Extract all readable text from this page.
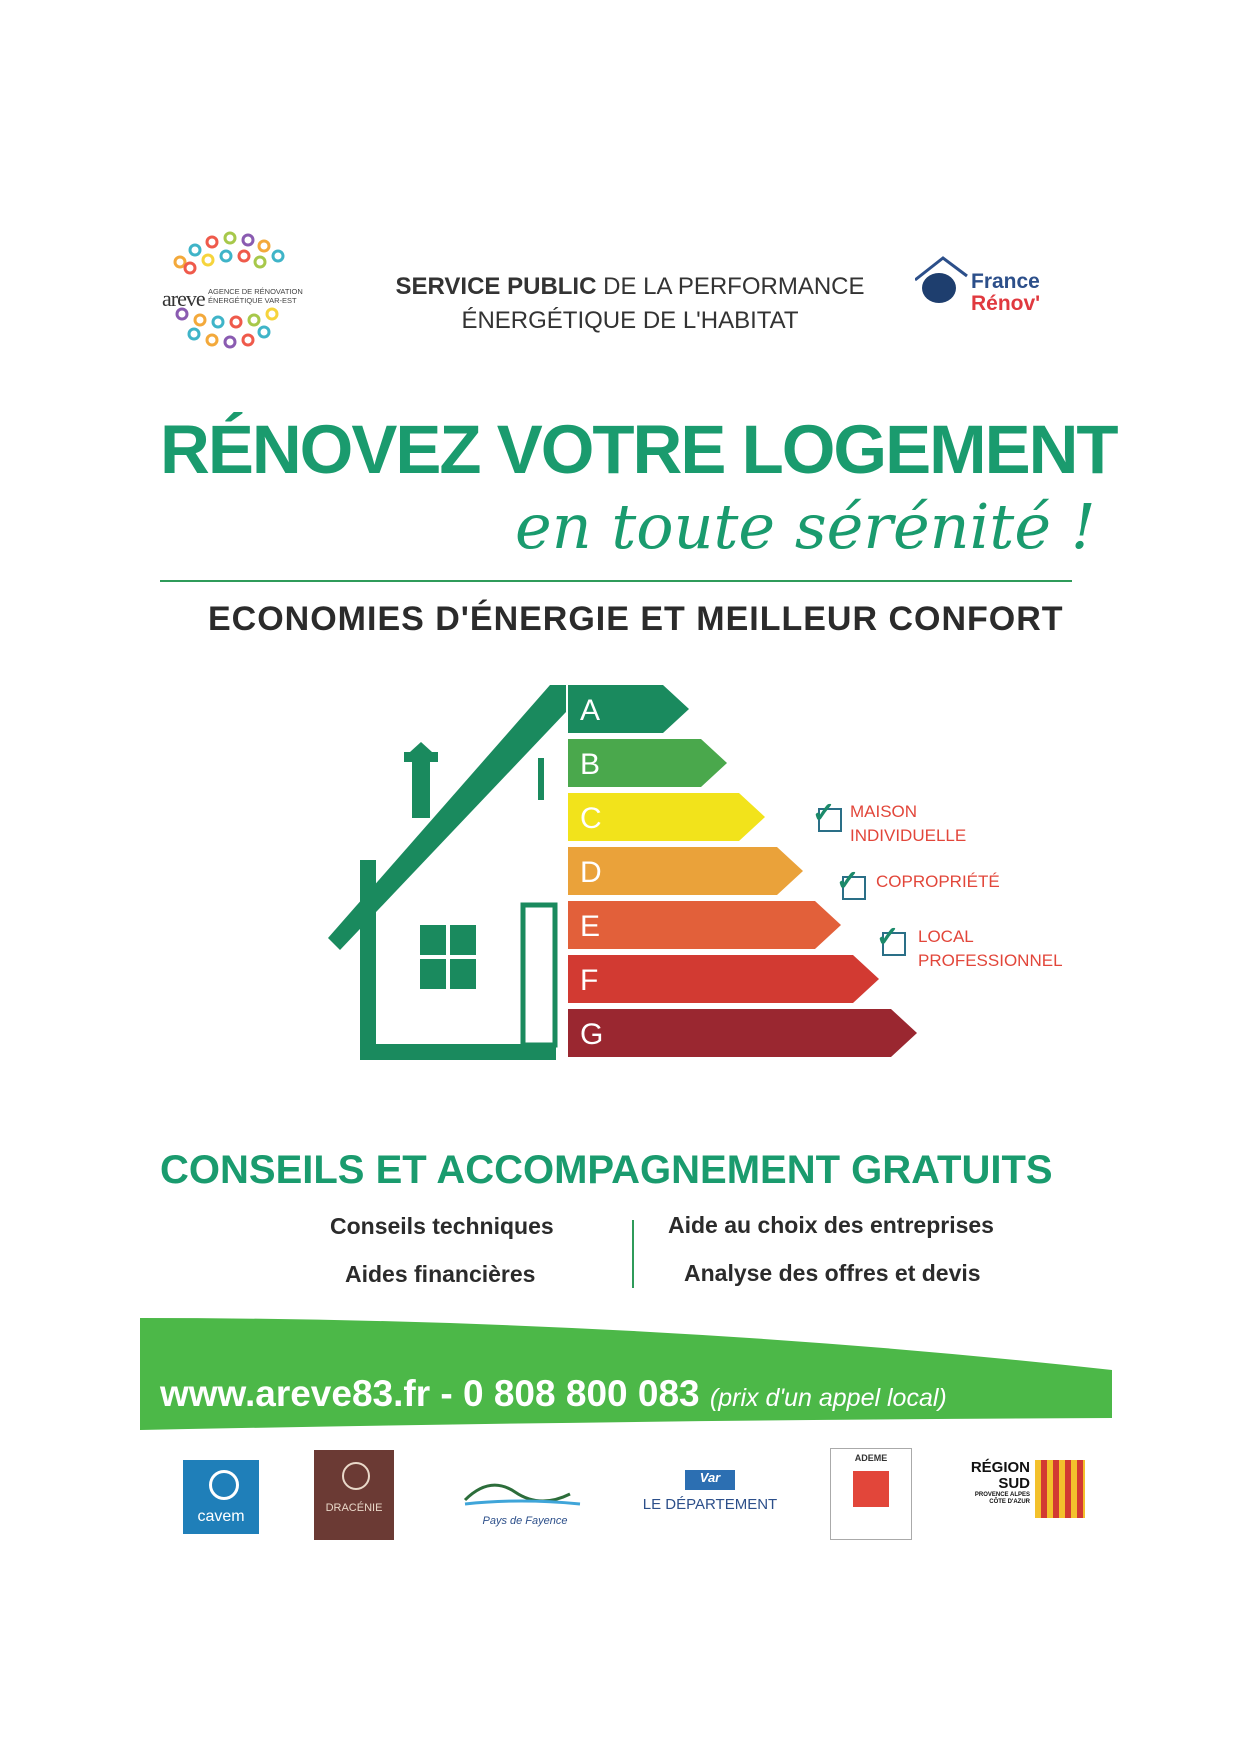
areve AGENCE DE RÉNOVATION ÉNERGÉTIQUE VAR-EST
SERVICE PUBLIC DE LA PERFORMANCE
ÉNERGÉTIQUE DE L'HABITAT
France
Rénov'
RÉNOVEZ VOTRE LOGEMENT
en toute sérénité !
ECONOMIES D'ÉNERGIE ET MEILLEUR CONFORT
A
B
C
D
E
F
G
✓ MAISON
INDIVIDUELLE
✓ COPROPRIÉTÉ
✓ LOCAL
PROFESSIONNEL
CONSEILS ET ACCOMPAGNEMENT GRATUITS
Conseils techniques
Aides financières
Aide au choix des entreprises
Analyse des offres et devis
www.areve83.fr - 0 808 800 083 (prix d'un appel local)
cavem	DRACÉNIE
Pays de Fayence
Var
LE DÉPARTEMENT
ADEME
RÉGION
SUD
PROVENCE ALPES CÔTE D'AZUR
